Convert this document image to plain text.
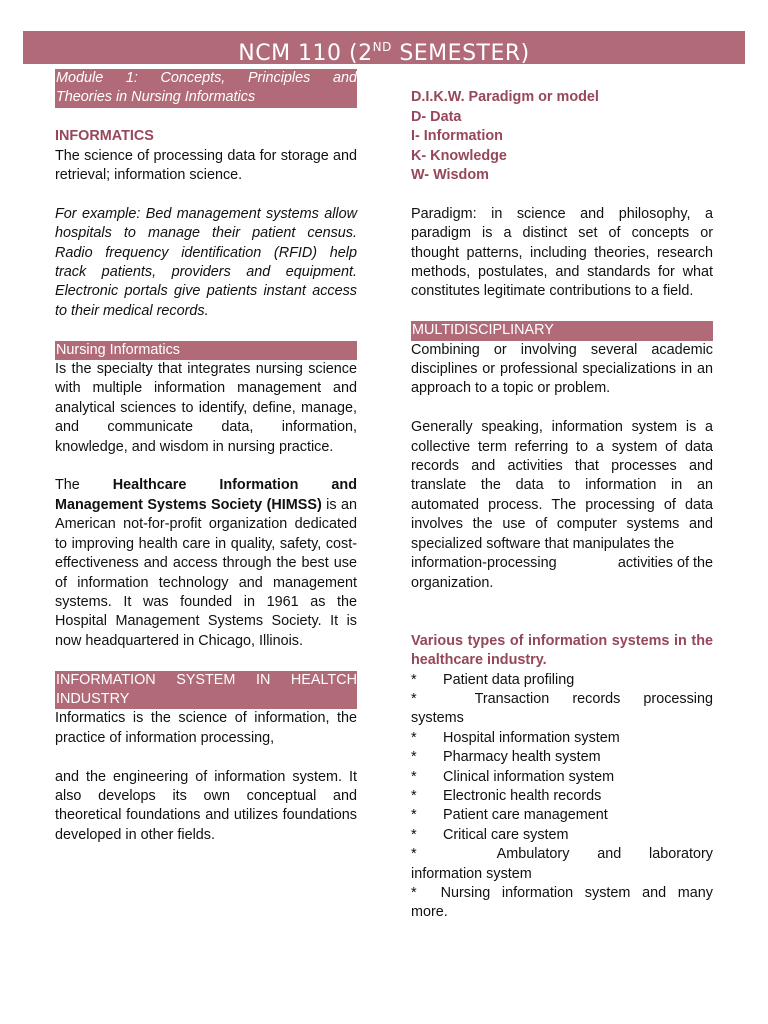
NCM 110 (2ND SEMESTER)
Module 1: Concepts, Principles and
Theories in Nursing Informatics

INFORMATICS

The science of processing data for storage and retrieval; information science.

For example: Bed management systems allow hospitals to manage their patient census. Radio frequency identification (RFID) help track patients, providers and equipment. Electronic portals give patients instant access to their medical records.

Nursing Informatics

Is the specialty that integrates nursing science with multiple information management and analytical sciences to identify, define, manage, and communicate data, information, knowledge, and wisdom in nursing practice.

The Healthcare Information and Management Systems Society (HIMSS) is an American not-for-profit organization dedicated to improving health care in quality, safety, cost-effectiveness and access through the best use of information technology and management systems. It was founded in 1961 as the Hospital Management Systems Society. It is now headquartered in Chicago, Illinois.

INFORMATION SYSTEM IN HEALTCH
INDUSTRY

Informatics is the science of information, the practice of information processing,

and the engineering of information system. It also develops its own conceptual and theoretical foundations and utilizes foundations developed in other fields.

D.I.K.W. Paradigm or model

D- Data

I- Information

K- Knowledge

W- Wisdom

Paradigm: in science and philosophy, a paradigm is a distinct set of concepts or thought patterns, including theories, research methods, postulates, and standards for what constitutes legitimate contributions to a field.

MULTIDISCIPLINARY

Combining or involving several academic disciplines or professional specializations in an approach to a topic or problem.

Generally speaking, information system is a collective term referring to a system of data records and activities that processes and translate the data to information in an automated process. The processing of data involves the use of computer systems and specialized software that manipulates the

information-processing	activities of the

organization.

Various types of information systems in the healthcare industry.

*	Patient data profiling

*	Transaction records processing systems

*	Hospital information system
*	Pharmacy health system
*	Clinical information system
*	Electronic health records
*	Patient care management
*	Critical care system

*	Ambulatory and laboratory information system

* Nursing information system and many more.
